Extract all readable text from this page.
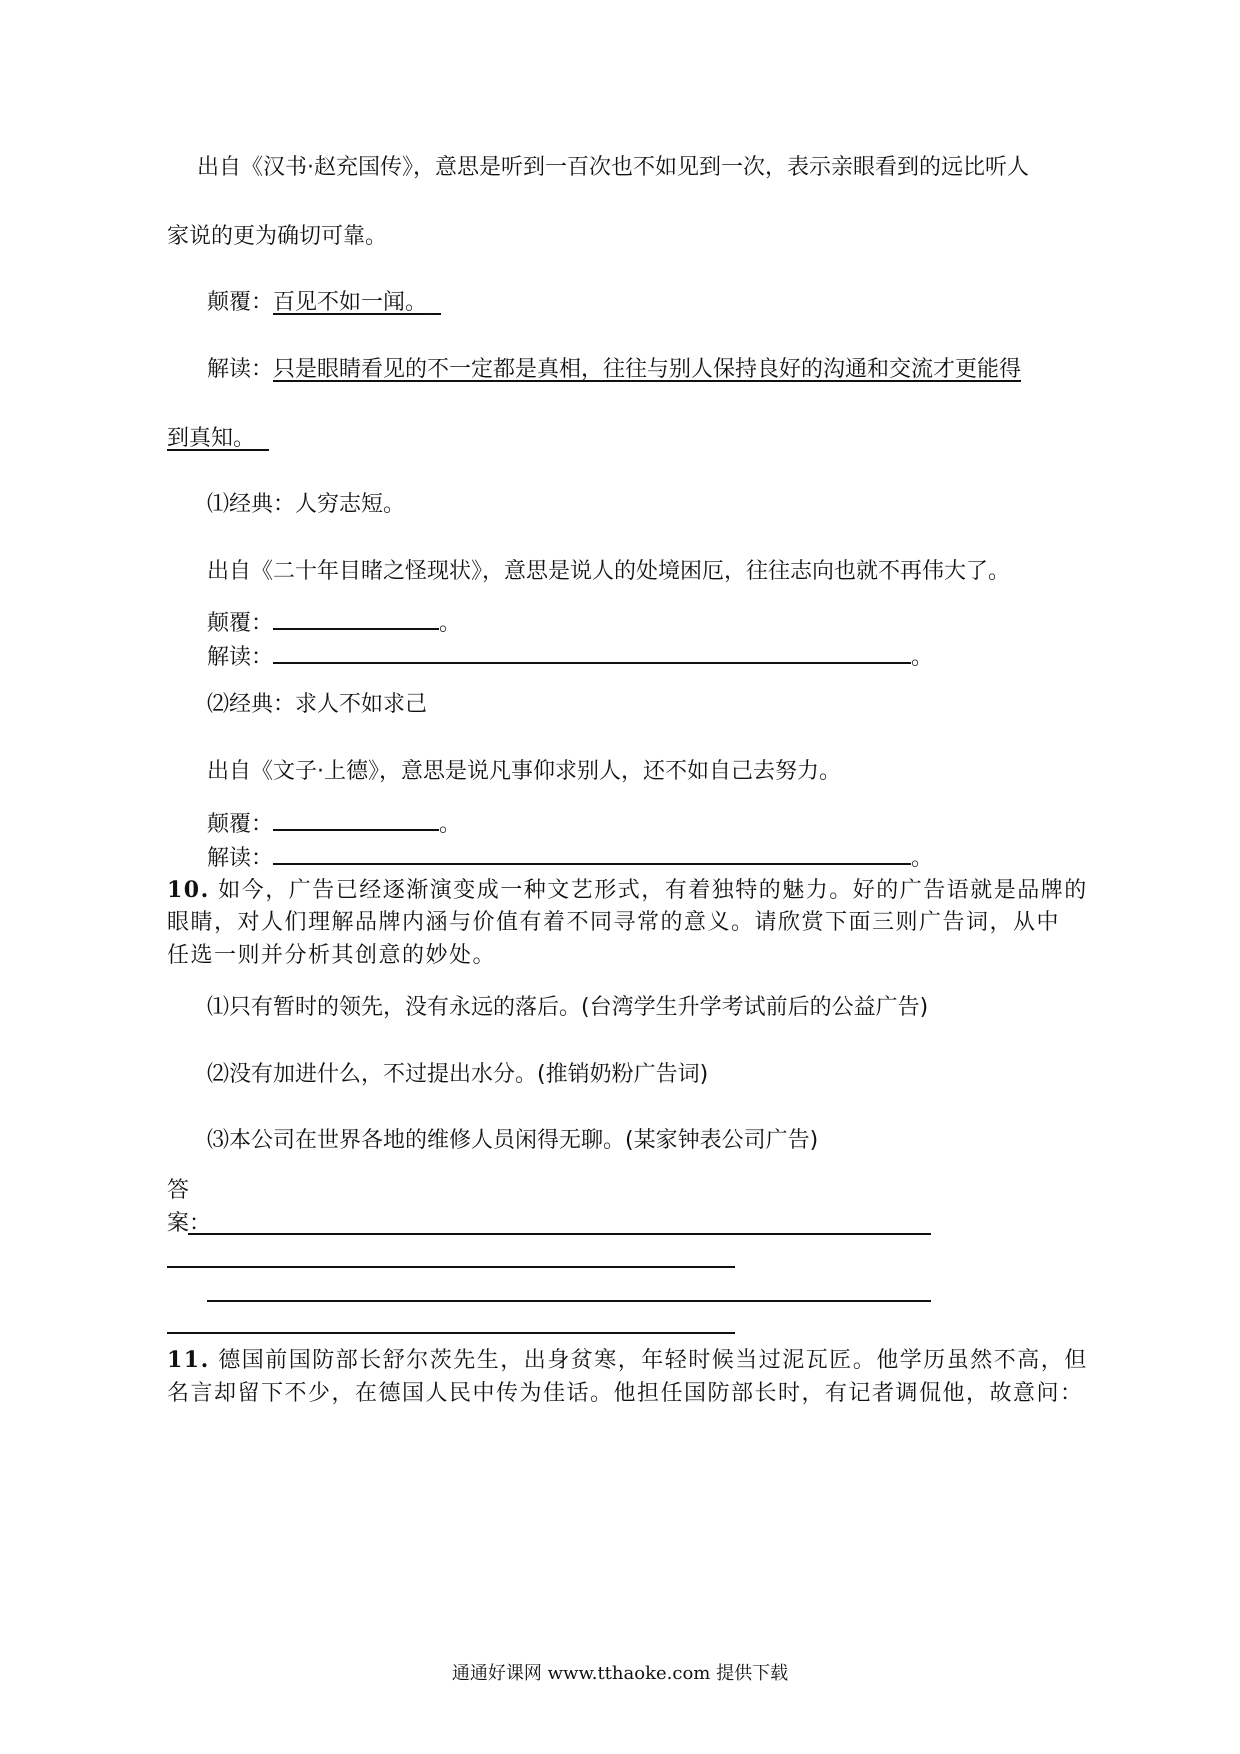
出自《汉书·赵充国传》，意思是听到一百次也不如见到一次，表示亲眼看到的远比听人
家说的更为确切可靠。
颠覆：百见不如一闻。
解读：只是眼睛看见的不一定都是真相，往往与别人保持良好的沟通和交流才更能得
到真知。
⑴经典：人穷志短。
出自《二十年目睹之怪现状》，意思是说人的处境困厄，往往志向也就不再伟大了。
颠覆：	。
解读：	。
⑵经典：求人不如求己
出自《文子·上德》，意思是说凡事仰求别人，还不如自己去努力。
颠覆：	。
解读：	。
10. 如今，广告已经逐渐演变成一种文艺形式，有着独特的魅力。好的广告语就是品牌的
眼睛，对人们理解品牌内涵与价值有着不同寻常的意义。请欣赏下面三则广告词，从中
任选一则并分析其创意的妙处。
⑴只有暂时的领先，没有永远的落后。(台湾学生升学考试前后的公益广告)
⑵没有加进什么，不过提出水分。(推销奶粉广告词)
⑶本公司在世界各地的维修人员闲得无聊。(某家钟表公司广告)
答
案：
11. 德国前国防部长舒尔茨先生，出身贫寒，年轻时候当过泥瓦匠。他学历虽然不高，但
名言却留下不少，在德国人民中传为佳话。他担任国防部长时，有记者调侃他，故意问：
通通好课网 www.tthaoke.com 提供下载
